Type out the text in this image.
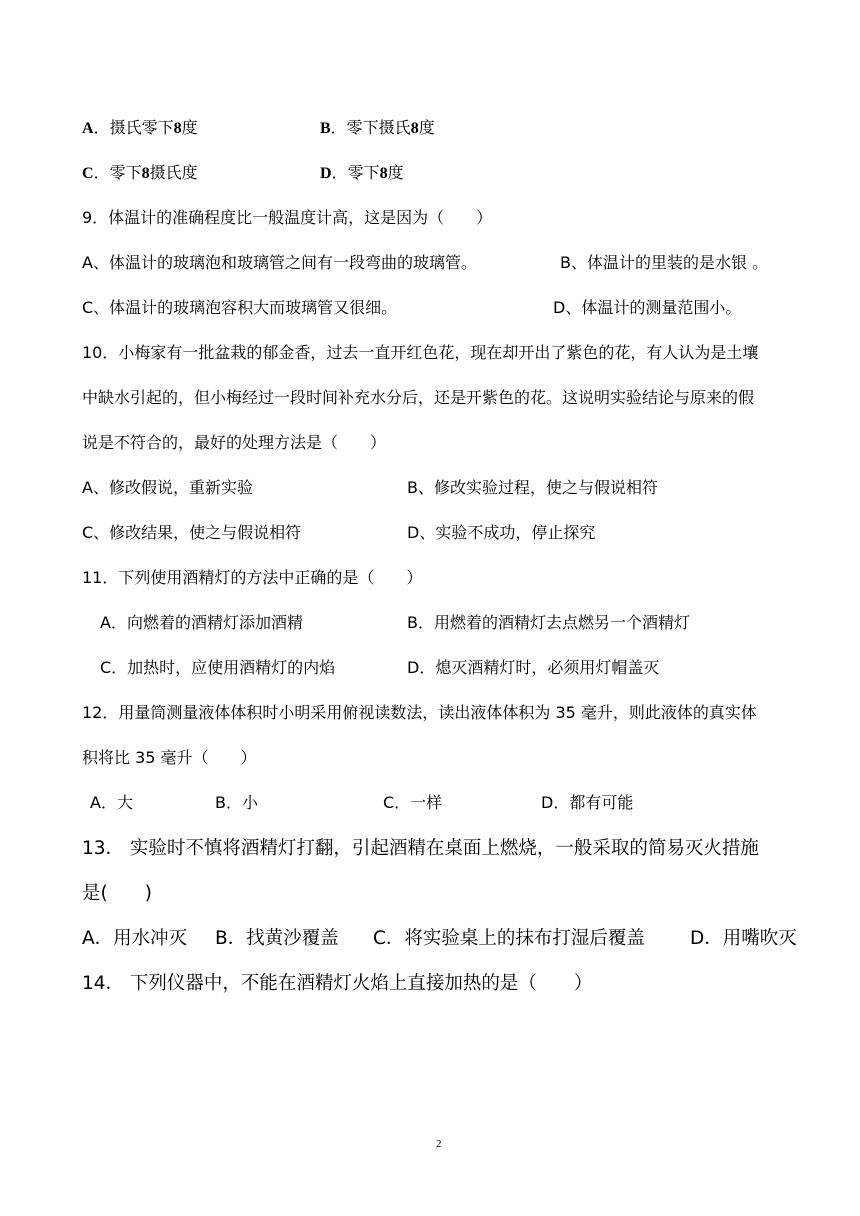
A．摄氏零下8度	B．零下摄氏8度
C．零下8摄氏度	D．零下8度
9．体温计的准确程度比一般温度计高，这是因为（　　）
A、体温计的玻璃泡和玻璃管之间有一段弯曲的玻璃管。	B、体温计的里装的是水银 。
C、体温计的玻璃泡容积大而玻璃管又很细。	D、体温计的测量范围小。
10．小梅家有一批盆栽的郁金香，过去一直开红色花，现在却开出了紫色的花，有人认为是土壤
中缺水引起的，但小梅经过一段时间补充水分后，还是开紫色的花。这说明实验结论与原来的假
说是不符合的，最好的处理方法是（　　）
A、修改假说，重新实验	B、修改实验过程，使之与假说相符
C、修改结果，使之与假说相符	D、实验不成功，停止探究
11．下列使用酒精灯的方法中正确的是（　　）
A．向燃着的酒精灯添加酒精	B．用燃着的酒精灯去点燃另一个酒精灯
C．加热时，应使用酒精灯的内焰	D．熄灭酒精灯时，必须用灯帽盖灭
12．用量筒测量液体体积时小明采用俯视读数法，读出液体体积为 35 毫升，则此液体的真实体
积将比 35 毫升（　　）
A．大	B．小	C．一样	D．都有可能
13． 实验时不慎将酒精灯打翻，引起酒精在桌面上燃烧，一般采取的简易灭火措施
是(　　)
A．用水冲灭 B．找黄沙覆盖 C．将实验桌上的抹布打湿后覆盖 D．用嘴吹灭
14． 下列仪器中，不能在酒精灯火焰上直接加热的是（　　）
2
